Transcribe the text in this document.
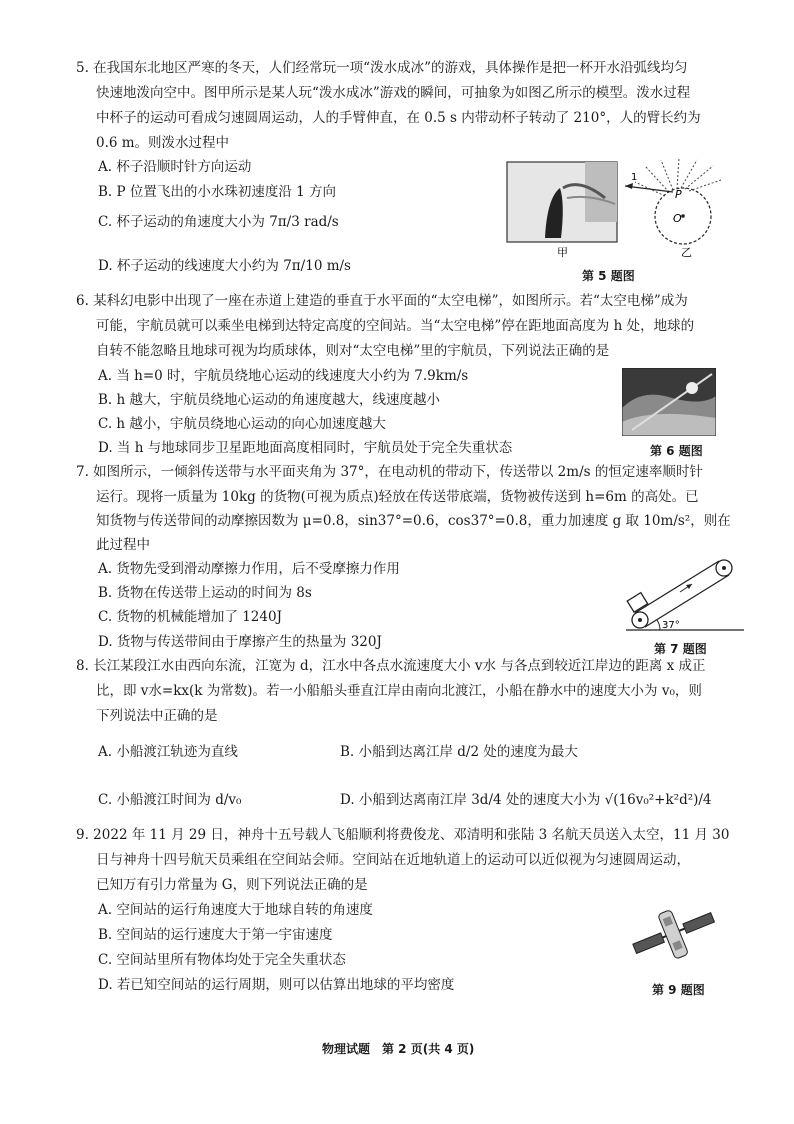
5. 在我国东北地区严寒的冬天，人们经常玩一项“泼水成冰”的游戏，具体操作是把一杯开水沿弧线均匀
快速地泼向空中。图甲所示是某人玩“泼水成冰”游戏的瞬间，可抽象为如图乙所示的模型。泼水过程
中杯子的运动可看成匀速圆周运动，人的手臂伸直，在 0.5 s 内带动杯子转动了 210°，人的臂长约为
0.6 m。则泼水过程中
A. 杯子沿顺时针方向运动
B. P 位置飞出的小水珠初速度沿 1 方向
C. 杯子运动的角速度大小为 7π/3 rad/s
D. 杯子运动的线速度大小约为 7π/10 m/s
P
O
1
甲	乙
第 5 题图
6. 某科幻电影中出现了一座在赤道上建造的垂直于水平面的“太空电梯”，如图所示。若“太空电梯”成为
可能，宇航员就可以乘坐电梯到达特定高度的空间站。当“太空电梯”停在距地面高度为 h 处，地球的
自转不能忽略且地球可视为均质球体，则对“太空电梯”里的宇航员，下列说法正确的是
A. 当 h=0 时，宇航员绕地心运动的线速度大小约为 7.9km/s
B. h 越大，宇航员绕地心运动的角速度越大，线速度越小
C. h 越小，宇航员绕地心运动的向心加速度越大
D. 当 h 与地球同步卫星距地面高度相同时，宇航员处于完全失重状态	第 6 题图
7. 如图所示，一倾斜传送带与水平面夹角为 37°，在电动机的带动下，传送带以 2m/s 的恒定速率顺时针
运行。现将一质量为 10kg 的货物(可视为质点)轻放在传送带底端，货物被传送到 h=6m 的高处。已
知货物与传送带间的动摩擦因数为 μ=0.8，sin37°=0.6，cos37°=0.8，重力加速度 g 取 10m/s²，则在
此过程中
A. 货物先受到滑动摩擦力作用，后不受摩擦力作用
B. 货物在传送带上运动的时间为 8s
C. 货物的机械能增加了 1240J
D. 货物与传送带间由于摩擦产生的热量为 320J
37°
第 7 题图
8. 长江某段江水由西向东流，江宽为 d，江水中各点水流速度大小 v水 与各点到较近江岸边的距离 x 成正
比，即 v水=kx(k 为常数)。若一小船船头垂直江岸由南向北渡江，小船在静水中的速度大小为 v₀，则
下列说法中正确的是
A. 小船渡江轨迹为直线	B. 小船到达离江岸 d/2 处的速度为最大
C. 小船渡江时间为 d/v₀	D. 小船到达离南江岸 3d/4 处的速度大小为 √(16v₀²+k²d²)/4
9. 2022 年 11 月 29 日，神舟十五号载人飞船顺利将费俊龙、邓清明和张陆 3 名航天员送入太空，11 月 30
日与神舟十四号航天员乘组在空间站会师。空间站在近地轨道上的运动可以近似视为匀速圆周运动，
已知万有引力常量为 G，则下列说法正确的是
A. 空间站的运行角速度大于地球自转的角速度
B. 空间站的运行速度大于第一宇宙速度
C. 空间站里所有物体均处于完全失重状态
D. 若已知空间站的运行周期，则可以估算出地球的平均密度	第 9 题图
物理试题　第 2 页(共 4 页)
